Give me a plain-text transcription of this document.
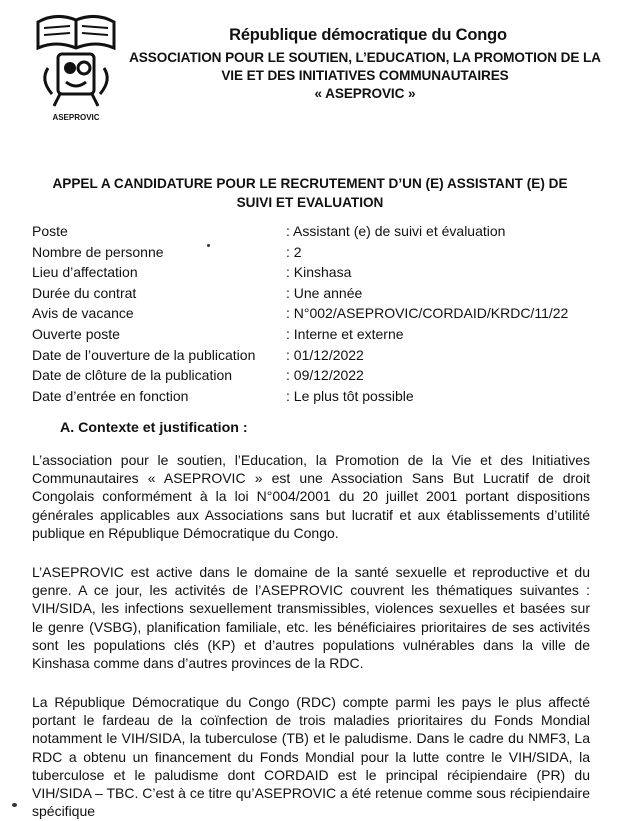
ASEPROVIC
République démocratique du Congo
ASSOCIATION POUR LE SOUTIEN, L’EDUCATION, LA PROMOTION DE LA
VIE ET DES INITIATIVES COMMUNAUTAIRES
« ASEPROVIC »
APPEL A CANDIDATURE POUR LE RECRUTEMENT D’UN (E) ASSISTANT (E) DE
SUIVI ET EVALUATION
Poste	: Assistant (e) de suivi et évaluation
Nombre de personne	: 2
Lieu d’affectation	: Kinshasa
Durée du contrat	: Une année
Avis de vacance	: N°002/ASEPROVIC/CORDAID/KRDC/11/22
Ouverte poste	: Interne et externe
Date de l’ouverture de la publication	: 01/12/2022
Date de clôture de la publication	: 09/12/2022
Date d’entrée en fonction	: Le plus tôt possible
A. Contexte et justification :

L’association pour le soutien, l’Education, la Promotion de la Vie et des Initiatives Communautaires « ASEPROVIC » est une Association Sans But Lucratif de droit Congolais conformément à la loi N°004/2001 du 20 juillet 2001 portant dispositions générales applicables aux Associations sans but lucratif et aux établissements d’utilité publique en République Démocratique du Congo.

L’ASEPROVIC est active dans le domaine de la santé sexuelle et reproductive et du genre. A ce jour, les activités de l’ASEPROVIC couvrent les thématiques suivantes : VIH/SIDA, les infections sexuellement transmissibles, violences sexuelles et basées sur le genre (VSBG), planification familiale, etc. les bénéficiaires prioritaires de ses activités sont les populations clés (KP) et d’autres populations vulnérables dans la ville de Kinshasa comme dans d’autres provinces de la RDC.

La République Démocratique du Congo (RDC) compte parmi les pays le plus affecté portant le fardeau de la coïnfection de trois maladies prioritaires du Fonds Mondial notamment le VIH/SIDA, la tuberculose (TB) et le paludisme. Dans le cadre du NMF3, La RDC a obtenu un financement du Fonds Mondial pour la lutte contre le VIH/SIDA, la tuberculose et le paludisme dont CORDAID est le principal récipiendaire (PR) du VIH/SIDA – TBC. C’est à ce titre qu’ASEPROVIC a été retenue comme sous récipiendaire spécifique
